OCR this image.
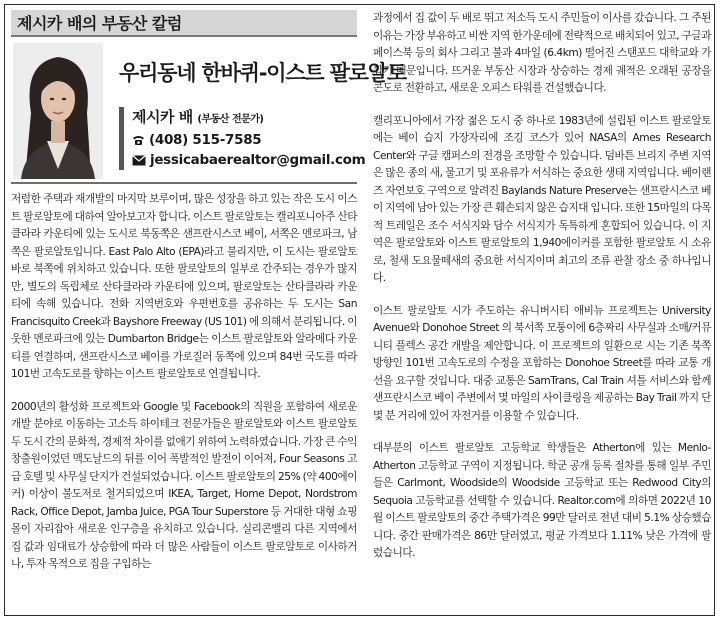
제시카 배의 부동산 칼럼
우리동네 한바퀴-이스트 팔로알토
제시카 배 (부동산 전문가)
(408) 515-7585
jessicabaerealtor@gmail.com

저렴한 주택과 재개발의 마지막 보루이며, 많은 성장을 하고 있는 작은 도시 이스트 팔로알토에 대하여 알아보고자 합니다. 이스트 팔로알토는 캘리포니아주 산타클라라 카운티에 있는 도시로 북동쪽은 샌프란시스코 베이, 서쪽은 멘로파크, 남쪽은 팔로알토입니다. East Palo Alto (EPA)라고 불리지만, 이 도시는 팔로알토 바로 북쪽에 위치하고 있습니다. 또한 팔로알토의 일부로 간주되는 경우가 많지만, 별도의 독립체로 산타클라라 카운티에 있으며, 팔로알토는 산타클라라 카운티에 속해 있습니다. 전화 지역번호와 우편번호를 공유하는 두 도시는 San Francisquito Creek과 Bayshore Freeway (US 101) 에 의해서 분리됩니다. 이웃한 멘로파크에 있는 Dumbarton Bridge는 이스트 팔로알토와 알라메다 카운티를 연결하며, 샌프란시스코 베이를 가로질러 동쪽에 있으며 84번 국도를 따라 101번 고속도로를 향하는 이스트 팔로알토로 연결됩니다.

2000년의 활성화 프로젝트와 Google 및 Facebook의 직원을 포함하여 새로운 개발 분야로 이동하는 고소득 하이테크 전문가들은 팔로알토와 이스트 팔로알토 두 도시 간의 문화적, 경제적 차이를 없애기 위하여 노력하였습니다. 가장 큰 수익 창출원이었던 맥도날드의 뒤를 이어 폭발적인 발전이 이어져, Four Seasons 고급 호텔 및 사무실 단지가 건설되었습니다. 이스트 팔로알토의 25% (약 400에이커) 이상이 불도저로 철거되었으며 IKEA, Target, Home Depot, Nordstrom Rack, Office Depot, Jamba Juice, PGA Tour Superstore 등 거대한 대형 쇼핑몰이 자리잡아 새로운 인구층을 유치하고 있습니다. 실리콘밸리 다른 지역에서 집 값과 임대료가 상승함에 따라 더 많은 사람들이 이스트 팔로알토로 이사하거나, 투자 목적으로 집을 구입하는

과정에서 집 값이 두 배로 뛰고 저소득 도시 주민들이 이사를 갔습니다. 그 주된 이유는 가장 부유하고 비싼 지역 한가운데에 전략적으로 배치되어 있고, 구글과 페이스북 등의 회사 그리고 불과 4마일 (6.4km) 떨어진 스탠포드 대학교와 가깝기 때문입니다. 뜨거운 부동산 시장과 상승하는 경제 궤적은 오래된 공장을 콘도로 전환하고, 새로운 오피스 타워를 건설했습니다.

캘리포니아에서 가장 젊은 도시 중 하나로 1983년에 설립된 이스트 팔로알토에는 베이 습지 가장자리에 조깅 코스가 있어 NASA의 Ames Research Center와 구글 캠퍼스의 전경을 조망할 수 있습니다. 덤바튼 브리지 주변 지역은 많은 종의 새, 물고기 및 포유류가 서식하는 중요한 생태 지역입니다. 베이랜즈 자연보호 구역으로 알려진 Baylands Nature Preserve는 샌프란시스코 베이 지역에 남아 있는 가장 큰 훼손되지 않은 습지대 입니다. 또한 15마일의 다목적 트레일은 조수 서식지와 담수 서식지가 독특하게 혼합되어 있습니다. 이 지역은 팔로알토와 이스트 팔로알토의 1,940에이커를 포함한 팔로알토 시 소유로, 철새 도요물떼새의 중요한 서식지이며 최고의 조류 관찰 장소 중 하나입니다.

이스트 팔로알토 시가 주도하는 유니버시티 애비뉴 프로젝트는 University Avenue와 Donohoe Street 의 북서쪽 모퉁이에 6층짜리 사무실과 소매/커뮤니티 플렉스 공간 개발을 제안합니다. 이 프로젝트의 일환으로 시는 기존 북쪽 방향인 101번 고속도로의 수정을 포함하는 Donohoe Street를 따라 교통 개선을 요구할 것입니다. 대중 교통은 SamTrans, Cal Train 셔틀 서비스와 함께 샌프란시스코 베이 주변에서 몇 마일의 사이클링을 제공하는 Bay Trail 까지 단 몇 분 거리에 있어 자전거를 이용할 수 있습니다.

대부분의 이스트 팔로알토 고등학교 학생들은 Atherton에 있는 Menlo-Atherton 고등학교 구역이 지정됩니다. 학군 공개 등록 절차를 통해 일부 주민들은 Carlmont, Woodside의 Woodside 고등학교 또는 Redwood City의 Sequoia 고등학교를 선택할 수 있습니다. Realtor.com에 의하면 2022년 10월 이스트 팔로알토의 중간 주택가격은 99만 달러로 전년 대비 5.1% 상승했습니다. 중간 판매가격은 86만 달러였고, 평균 가격보다 1.11% 낮은 가격에 팔렸습니다.
